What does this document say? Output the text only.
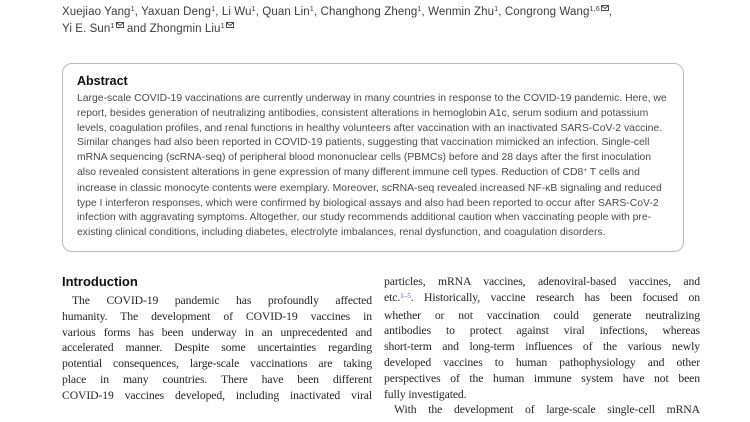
Xuejiao Yang$^1$, Yaxuan Deng$^1$, Li Wu$^1$, Quan Lin$^1$, Changhong Zheng$^1$, Wenmin Zhu$^1$, Congrong Wang$^{1,6}$ ,
Yi E. Sun$^1$ and Zhongmin Liu$^1$
Abstract

Large-scale COVID-19 vaccinations are currently underway in many countries in response to the COVID-19 pandemic. Here, we report, besides generation of neutralizing antibodies, consistent alterations in hemoglobin A1c, serum sodium and potassium levels, coagulation profiles, and renal functions in healthy volunteers after vaccination with an inactivated SARS-CoV-2 vaccine. Similar changes had also been reported in COVID-19 patients, suggesting that vaccination mimicked an infection. Single-cell mRNA sequencing (scRNA-seq) of peripheral blood mononuclear cells (PBMCs) before and 28 days after the first inoculation also revealed consistent alterations in gene expression of many different immune cell types. Reduction of CD8+ T cells and increase in classic monocyte contents were exemplary. Moreover, scRNA-seq revealed increased NF-κB signaling and reduced type I interferon responses, which were confirmed by biological assays and also had been reported to occur after SARS-CoV-2 infection with aggravating symptoms. Altogether, our study recommends additional caution when vaccinating people with pre-existing clinical conditions, including diabetes, electrolyte imbalances, renal dysfunction, and coagulation disorders.

Introduction
The COVID-19 pandemic has profoundly affected
humanity. The development of COVID-19 vaccines in
various forms has been underway in an unprecedented and
accelerated manner. Despite some uncertainties regarding
potential consequences, large-scale vaccinations are taking
place in many countries. There have been different
COVID-19 vaccines developed, including inactivated viral
particles, mRNA vaccines, adenoviral-based vaccines, and
etc.$^{1-5}$. Historically, vaccine research has been focused on
whether or not vaccination could generate neutralizing
antibodies to protect against viral infections, whereas
short-term and long-term influences of the various newly
developed vaccines to human pathophysiology and other
perspectives of the human immune system have not been
fully investigated.
With the development of large-scale single-cell mRNA
